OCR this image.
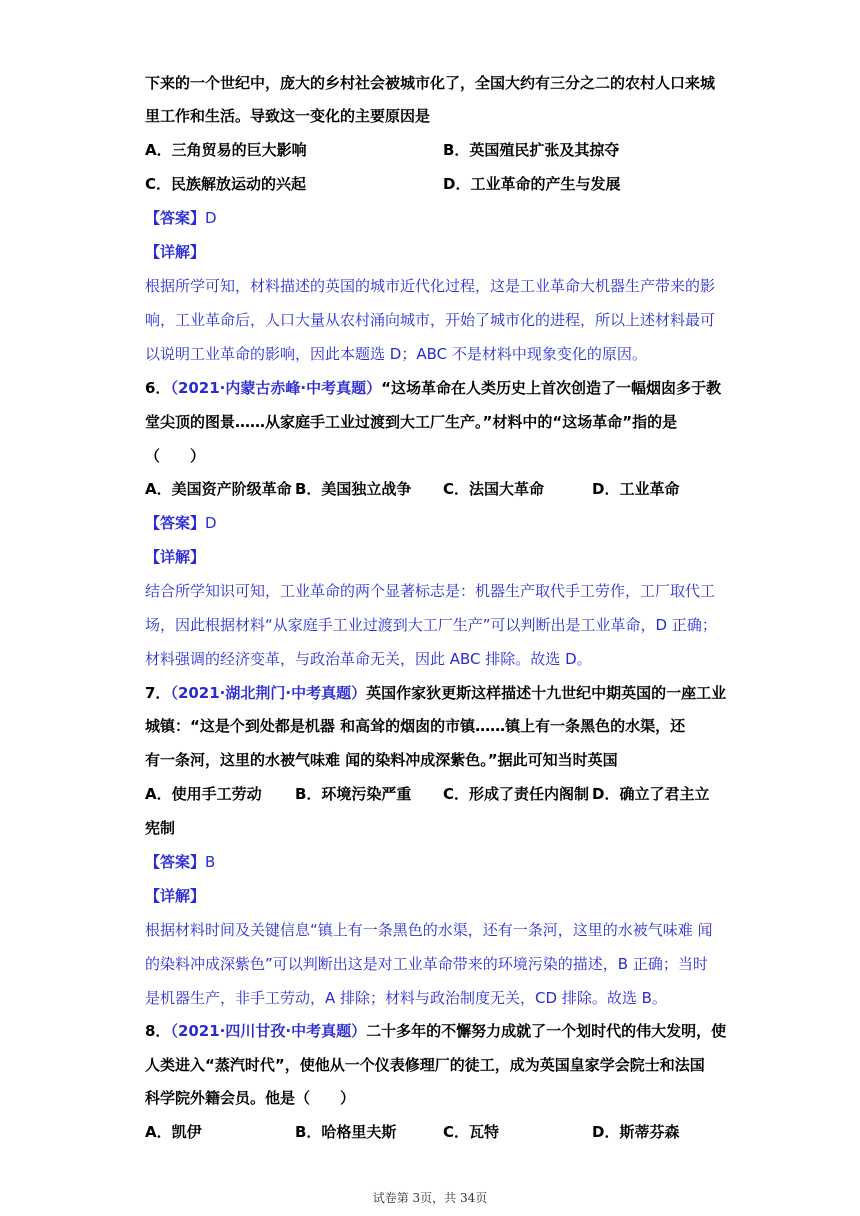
下来的一个世纪中，庞大的乡村社会被城市化了，全国大约有三分之二的农村人口来城
里工作和生活。导致这一变化的主要原因是
A．三角贸易的巨大影响	B．英国殖民扩张及其掠夺
C．民族解放运动的兴起	D．工业革命的产生与发展
【答案】D
【详解】
根据所学可知，材料描述的英国的城市近代化过程，这是工业革命大机器生产带来的影
响，工业革命后，人口大量从农村涌向城市，开始了城市化的进程，所以上述材料最可
以说明工业革命的影响，因此本题选 D；ABC 不是材料中现象变化的原因。
6．（2021·内蒙古赤峰·中考真题）“这场革命在人类历史上首次创造了一幅烟囱多于教
堂尖顶的图景……从家庭手工业过渡到大工厂生产。”材料中的“这场革命”指的是
（　　）
A．美国资产阶级革命 B．美国独立战争 C．法国大革命	D．工业革命
【答案】D
【详解】
结合所学知识可知，工业革命的两个显著标志是：机器生产取代手工劳作，工厂取代工
场，因此根据材料“从家庭手工业过渡到大工厂生产”可以判断出是工业革命，D 正确；
材料强调的经济变革，与政治革命无关，因此 ABC 排除。故选 D。
7．（2021·湖北荆门·中考真题）英国作家狄更斯这样描述十九世纪中期英国的一座工业
城镇：“这是个到处都是机器 和高耸的烟囱的市镇……镇上有一条黑色的水渠，还
有一条河，这里的水被气味难 闻的染料冲成深紫色。”据此可知当时英国
A．使用手工劳动 B．环境污染严重 C．形成了责任内阁制 D．确立了君主立
宪制
【答案】B
【详解】
根据材料时间及关键信息“镇上有一条黑色的水渠，还有一条河，这里的水被气味难 闻
的染料冲成深紫色”可以判断出这是对工业革命带来的环境污染的描述，B 正确；当时
是机器生产，非手工劳动，A 排除；材料与政治制度无关，CD 排除。故选 B。
8．（2021·四川甘孜·中考真题）二十多年的不懈努力成就了一个划时代的伟大发明，使
人类进入“蒸汽时代”，使他从一个仪表修理厂的徒工，成为英国皇家学会院士和法国
科学院外籍会员。他是（　　）
A．凯伊	B．哈格里夫斯	C．瓦特	D．斯蒂芬森
试卷第 3页，共 34页
